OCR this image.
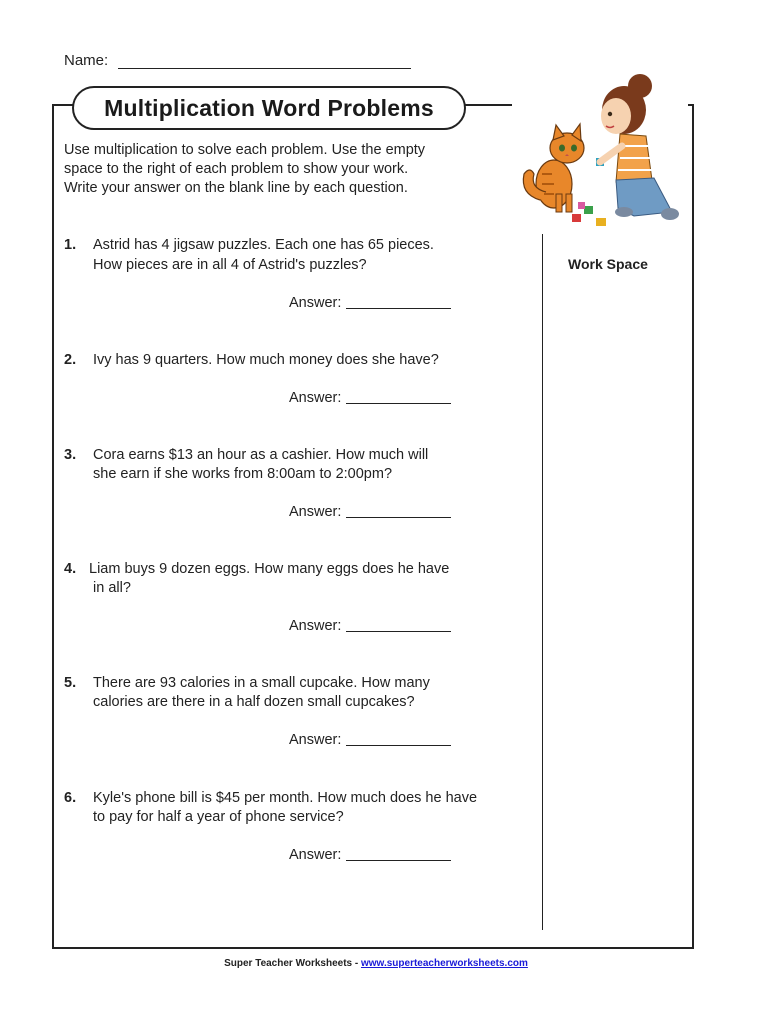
Name:
Multiplication Word Problems
Use multiplication to solve each problem. Use the empty
space to the right of each problem to show your work.
Write your answer on the blank line by each question.
Work Space
1. Astrid has 4 jigsaw puzzles. Each one has 65 pieces.
How pieces are in all 4 of Astrid's puzzles?
Answer:
2. Ivy has 9 quarters. How much money does she have?
Answer:
3. Cora earns $13 an hour as a cashier. How much will
she earn if she works from 8:00am to 2:00pm?
Answer:
4. Liam buys 9 dozen eggs. How many eggs does he have
in all?
Answer:
5. There are 93 calories in a small cupcake. How many
calories are there in a half dozen small cupcakes?
Answer:
6. Kyle's phone bill is $45 per month. How much does he have
to pay for half a year of phone service?
Answer:
Super Teacher Worksheets - www.superteacherworksheets.com
